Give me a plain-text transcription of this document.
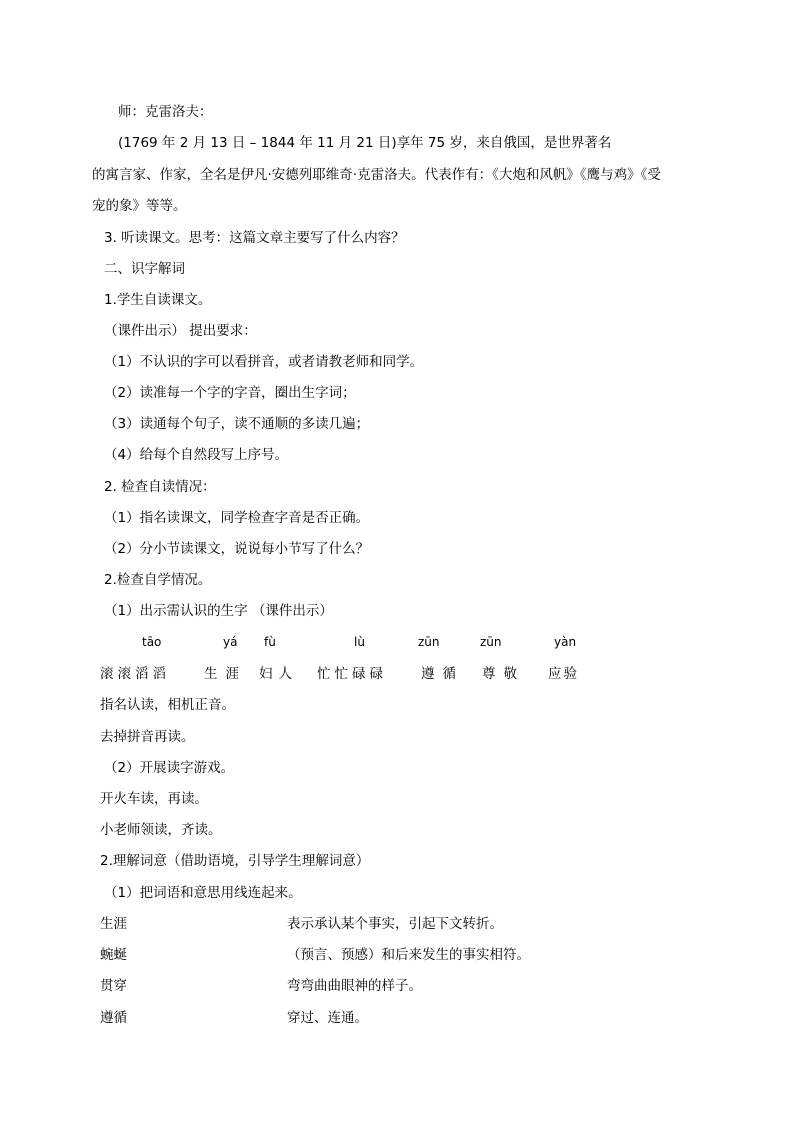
师：克雷洛夫：
(1769 年 2 月 13 日 – 1844 年 11 月 21 日)享年 75 岁，来自俄国，是世界著名
的寓言家、作家，全名是伊凡·安德列耶维奇·克雷洛夫。代表作有：《大炮和风帆》《鹰与鸡》《受
宠的象》等等。
3. 听读课文。思考：这篇文章主要写了什么内容？
二、识字解词
1.学生自读课文。
（课件出示） 提出要求：
（1）不认识的字可以看拼音，或者请教老师和同学。
（2）读准每一个字的字音，圈出生字词；
（3）读通每个句子，读不通顺的多读几遍；
（4）给每个自然段写上序号。
2. 检查自读情况：
（1）指名读课文，同学检查字音是否正确。
（2）分小节读课文，说说每小节写了什么？
2.检查自学情况。
（1）出示需认识的生字 （课件出示）
tāo	yá fù	lù	zūn	zūn	yàn
滚滚滔滔	生涯 妇人 忙忙碌碌	遵循 尊敬 应验
指名认读，相机正音。
去掉拼音再读。
（2）开展读字游戏。
开火车读，再读。
小老师领读，齐读。
2.理解词意（借助语境，引导学生理解词意）
（1）把词语和意思用线连起来。
生涯	表示承认某个事实，引起下文转折。
蜿蜒	（预言、预感）和后来发生的事实相符。
贯穿	弯弯曲曲眼神的样子。
遵循	穿过、连通。
